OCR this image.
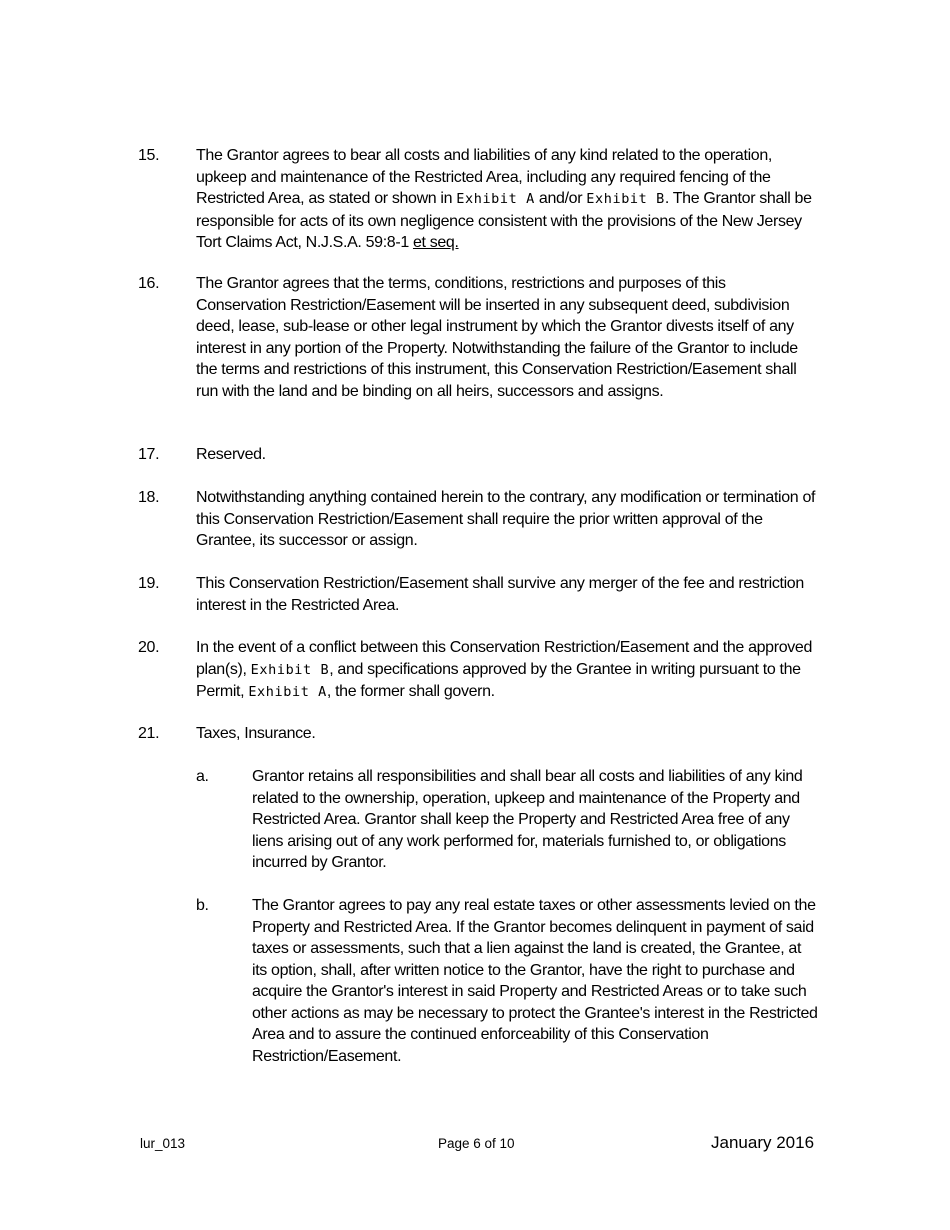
15. The Grantor agrees to bear all costs and liabilities of any kind related to the operation, upkeep and maintenance of the Restricted Area, including any required fencing of the Restricted Area, as stated or shown in Exhibit A and/or Exhibit B. The Grantor shall be responsible for acts of its own negligence consistent with the provisions of the New Jersey Tort Claims Act, N.J.S.A. 59:8-1 et seq.
16. The Grantor agrees that the terms, conditions, restrictions and purposes of this Conservation Restriction/Easement will be inserted in any subsequent deed, subdivision deed, lease, sub-lease or other legal instrument by which the Grantor divests itself of any interest in any portion of the Property. Notwithstanding the failure of the Grantor to include the terms and restrictions of this instrument, this Conservation Restriction/Easement shall run with the land and be binding on all heirs, successors and assigns.
17. Reserved.
18. Notwithstanding anything contained herein to the contrary, any modification or termination of this Conservation Restriction/Easement shall require the prior written approval of the Grantee, its successor or assign.
19. This Conservation Restriction/Easement shall survive any merger of the fee and restriction interest in the Restricted Area.
20. In the event of a conflict between this Conservation Restriction/Easement and the approved plan(s), Exhibit B, and specifications approved by the Grantee in writing pursuant to the Permit, Exhibit A, the former shall govern.
21. Taxes, Insurance.
a.	Grantor retains all responsibilities and shall bear all costs and liabilities of any kind related to the ownership, operation, upkeep and maintenance of the Property and Restricted Area. Grantor shall keep the Property and Restricted Area free of any liens arising out of any work performed for, materials furnished to, or obligations incurred by Grantor.
b.	The Grantor agrees to pay any real estate taxes or other assessments levied on the Property and Restricted Area. If the Grantor becomes delinquent in payment of said taxes or assessments, such that a lien against the land is created, the Grantee, at its option, shall, after written notice to the Grantor, have the right to purchase and acquire the Grantor's interest in said Property and Restricted Areas or to take such other actions as may be necessary to protect the Grantee's interest in the Restricted Area and to assure the continued enforceability of this Conservation Restriction/Easement.
lur_013	Page 6 of 10	January 2016
